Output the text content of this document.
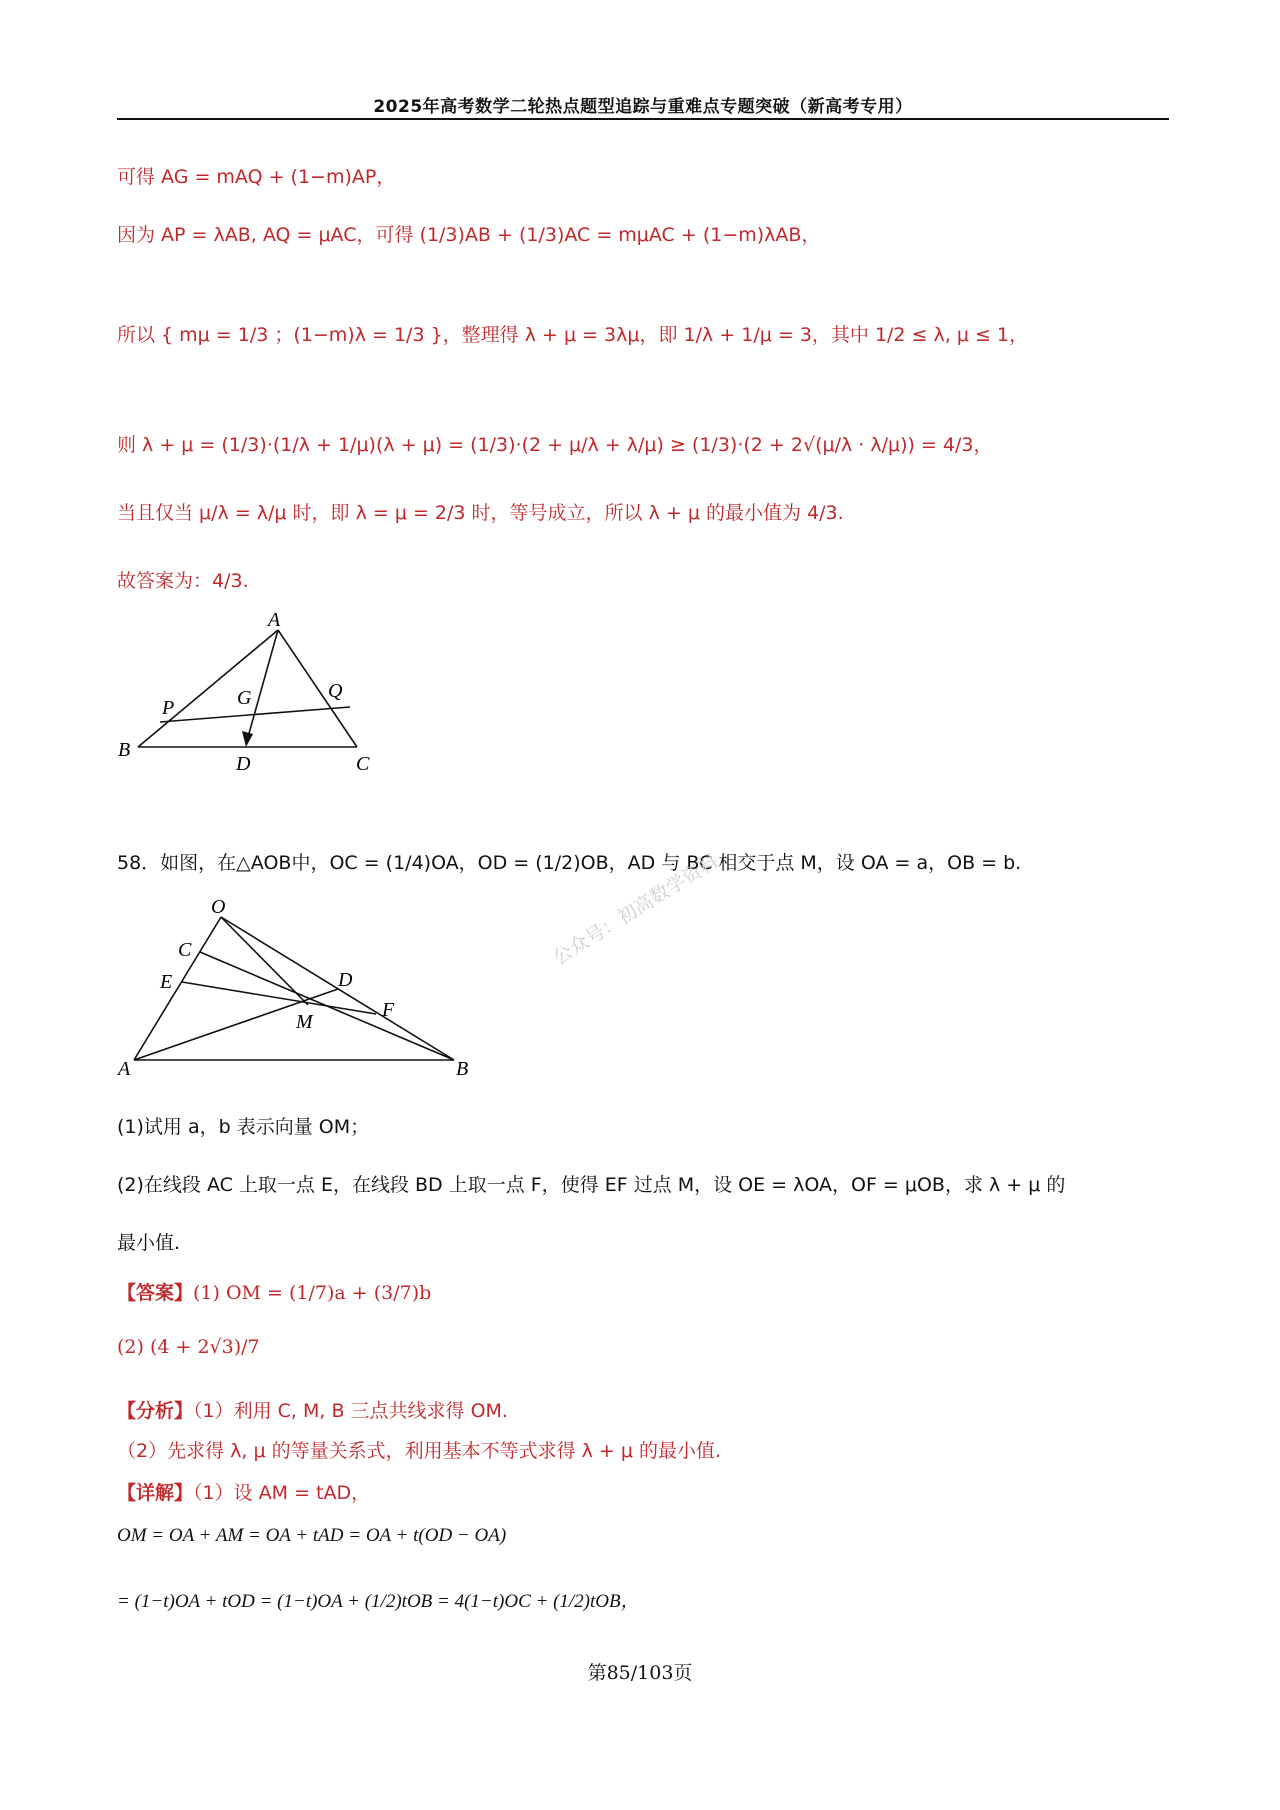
2025年高考数学二轮热点题型追踪与重难点专题突破（新高考专用）
可得 AG = mAQ + (1−m)AP，
因为 AP = λAB, AQ = μAC，可得 (1/3)AB + (1/3)AC = mμAC + (1−m)λAB，
所以 { mμ = 1/3 ；(1−m)λ = 1/3 }，整理得 λ + μ = 3λμ，即 1/λ + 1/μ = 3，其中 1/2 ≤ λ, μ ≤ 1，
则 λ + μ = (1/3)·(1/λ + 1/μ)(λ + μ) = (1/3)·(2 + μ/λ + λ/μ) ≥ (1/3)·(2 + 2√(μ/λ · λ/μ)) = 4/3，
当且仅当 μ/λ = λ/μ 时，即 λ = μ = 2/3 时，等号成立，所以 λ + μ 的最小值为 4/3.
故答案为：4/3.
A
P	G	Q
B
D	C
58．如图，在△AOB中，OC = (1/4)OA，OD = (1/2)OB，AD 与 BC 相交于点 M，设 OA = a，OB = b.
公众号：初高数学资料
O
C
E	D
F
M
A	B
(1)试用 a，b 表示向量 OM；
(2)在线段 AC 上取一点 E，在线段 BD 上取一点 F，使得 EF 过点 M，设 OE = λOA，OF = μOB，求 λ + μ 的
最小值.
【答案】(1) OM = (1/7)a + (3/7)b
(2) (4 + 2√3)/7
【分析】（1）利用 C, M, B 三点共线求得 OM.
（2）先求得 λ, μ 的等量关系式，利用基本不等式求得 λ + μ 的最小值.
【详解】（1）设 AM = tAD，
OM = OA + AM = OA + tAD = OA + t(OD − OA)
= (1−t)OA + tOD = (1−t)OA + (1/2)tOB = 4(1−t)OC + (1/2)tOB，
第85/103页
